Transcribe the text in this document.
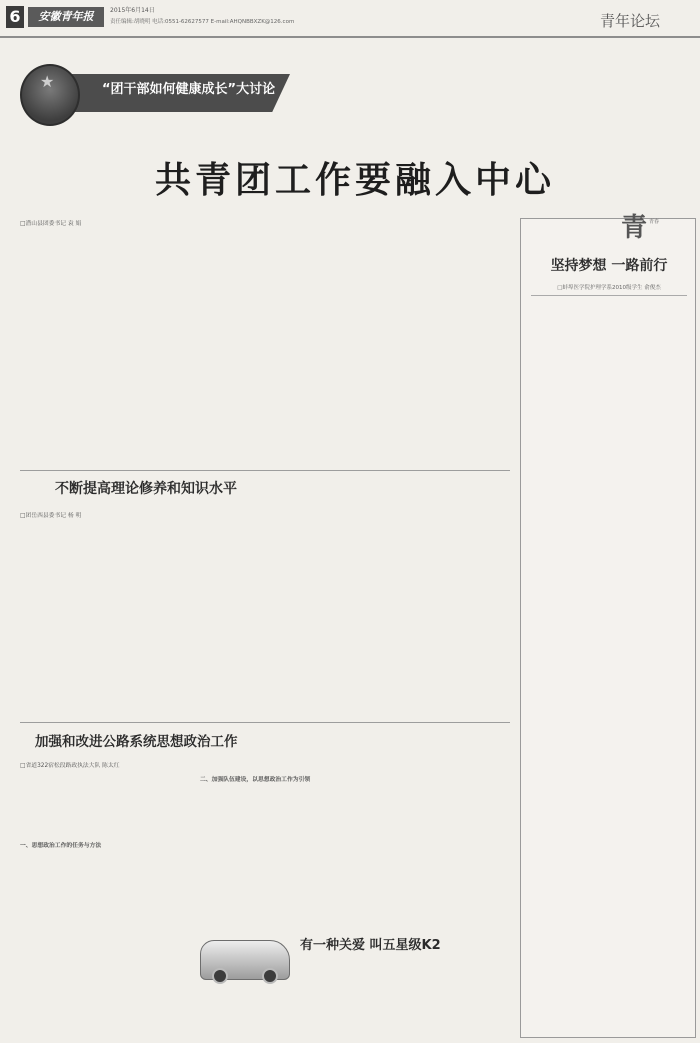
6	安徽青年报	2015年6月14日
责任编辑:胡晓明 电话:0551-62627577 E-mail:AHQNBBXZK@126.com	青年论坛
★	“团干部如何健康成长”大讨论
共青团工作要融入中心
□潜山县团委书记 袁 娟
不断提高理论修养和知识水平
□团岳西县委书记 杨 明
加强和改进公路系统思想政治工作
□省道322宿松段路政执法大队 陈太红
一、思想政治工作的任务与方法
二、加强队伍建设，以思想政治工作为引领
有一种关爱 叫五星级K2
青 青春
坚持梦想 一路前行
□蚌埠医学院护理学系2010级学生 俞俊杰
